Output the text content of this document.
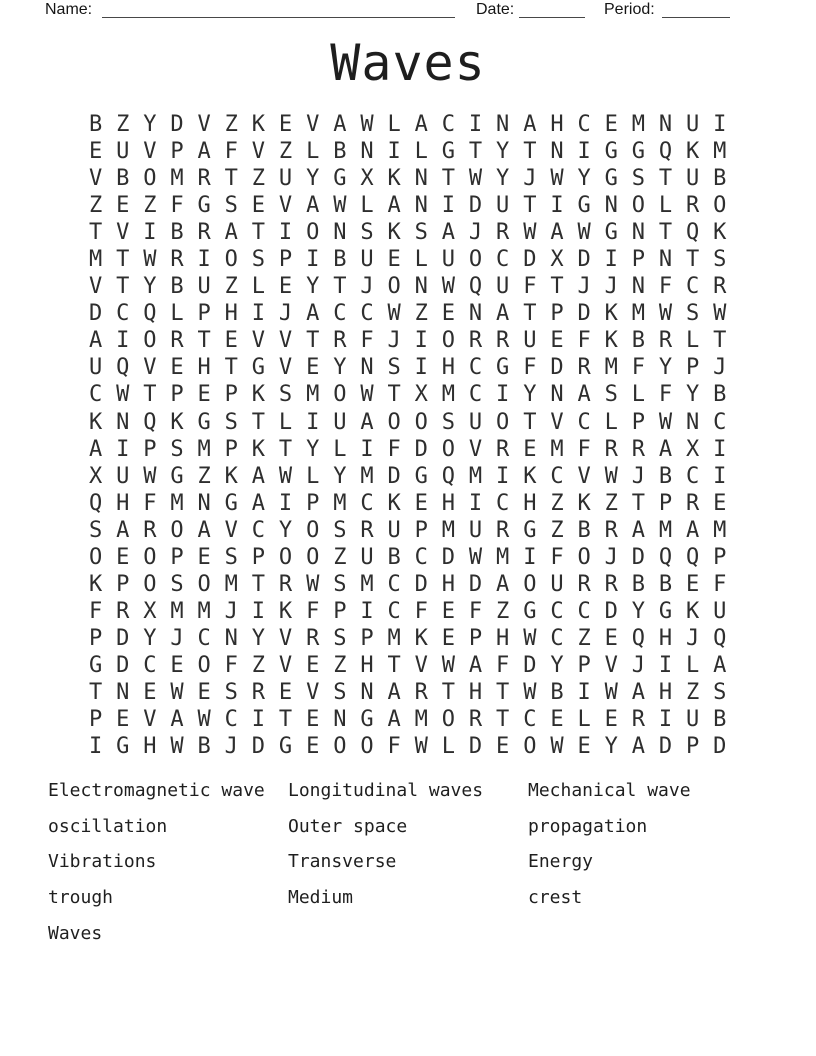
Name:	Date:	Period:
Waves
B Z Y D V Z K E V A W L A C I N A H C E M N U I
E U V P A F V Z L B N I L G T Y T N I G G Q K M
V B O M R T Z U Y G X K N T W Y J W Y G S T U B
Z E Z F G S E V A W L A N I D U T I G N O L R O
T V I B R A T I O N S K S A J R W A W G N T Q K
M T W R I O S P I B U E L U O C D X D I P N T S
V T Y B U Z L E Y T J O N W Q U F T J J N F C R
D C Q L P H I J A C C W Z E N A T P D K M W S W
A I O R T E V V T R F J I O R R U E F K B R L T
U Q V E H T G V E Y N S I H C G F D R M F Y P J
C W T P E P K S M O W T X M C I Y N A S L F Y B
K N Q K G S T L I U A O O S U O T V C L P W N C
A I P S M P K T Y L I F D O V R E M F R R A X I
X U W G Z K A W L Y M D G Q M I K C V W J B C I
Q H F M N G A I P M C K E H I C H Z K Z T P R E
S A R O A V C Y O S R U P M U R G Z B R A M A M
O E O P E S P O O Z U B C D W M I F O J D Q Q P
K P O S O M T R W S M C D H D A O U R R B B E F
F R X M M J I K F P I C F E F Z G C C D Y G K U
P D Y J C N Y V R S P M K E P H W C Z E Q H J Q
G D C E O F Z V E Z H T V W A F D Y P V J I L A
T N E W E S R E V S N A R T H T W B I W A H Z S
P E V A W C I T E N G A M O R T C E L E R I U B
I G H W B J D G E O O F W L D E O W E Y A D P D
Electromagnetic wave
oscillation
Vibrations
trough
Waves
Longitudinal waves
Outer space
Transverse
Medium
Mechanical wave
propagation
Energy
crest
